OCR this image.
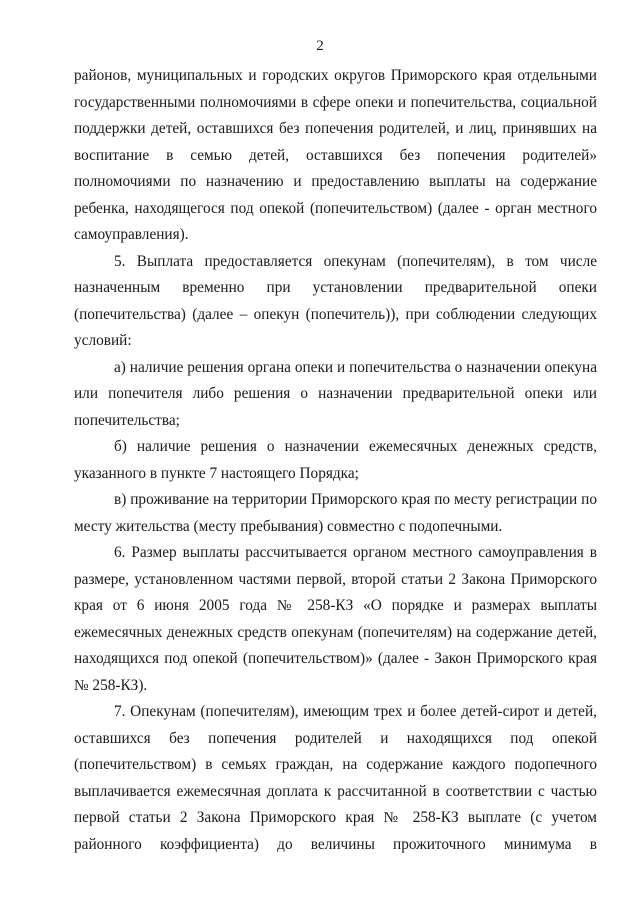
2
районов, муниципальных и городских округов Приморского края отдельными
государственными полномочиями в сфере опеки и попечительства, социальной
поддержки детей, оставшихся без попечения родителей, и лиц, принявших на
воспитание в семью детей, оставшихся без попечения родителей»
полномочиями по назначению и предоставлению выплаты на содержание
ребенка, находящегося под опекой (попечительством) (далее - орган местного
самоуправления).
5. Выплата предоставляется опекунам (попечителям), в том числе
назначенным временно при установлении предварительной опеки
(попечительства) (далее – опекун (попечитель)), при соблюдении следующих
условий:
а) наличие решения органа опеки и попечительства о назначении опекуна
или попечителя либо решения о назначении предварительной опеки или
попечительства;
б) наличие решения о назначении ежемесячных денежных средств,
указанного в пункте 7 настоящего Порядка;
в) проживание на территории Приморского края по месту регистрации по
месту жительства (месту пребывания) совместно с подопечными.
6. Размер выплаты рассчитывается органом местного самоуправления в
размере, установленном частями первой, второй статьи 2 Закона Приморского
края от 6 июня 2005 года № 258-КЗ «О порядке и размерах выплаты
ежемесячных денежных средств опекунам (попечителям) на содержание детей,
находящихся под опекой (попечительством)» (далее - Закон Приморского края
№ 258-КЗ).
7. Опекунам (попечителям), имеющим трех и более детей-сирот и детей,
оставшихся без попечения родителей и находящихся под опекой
(попечительством) в семьях граждан, на содержание каждого подопечного
выплачивается ежемесячная доплата к рассчитанной в соответствии с частью
первой статьи 2 Закона Приморского края № 258-КЗ выплате (с учетом
районного коэффициента) до величины прожиточного минимума в
